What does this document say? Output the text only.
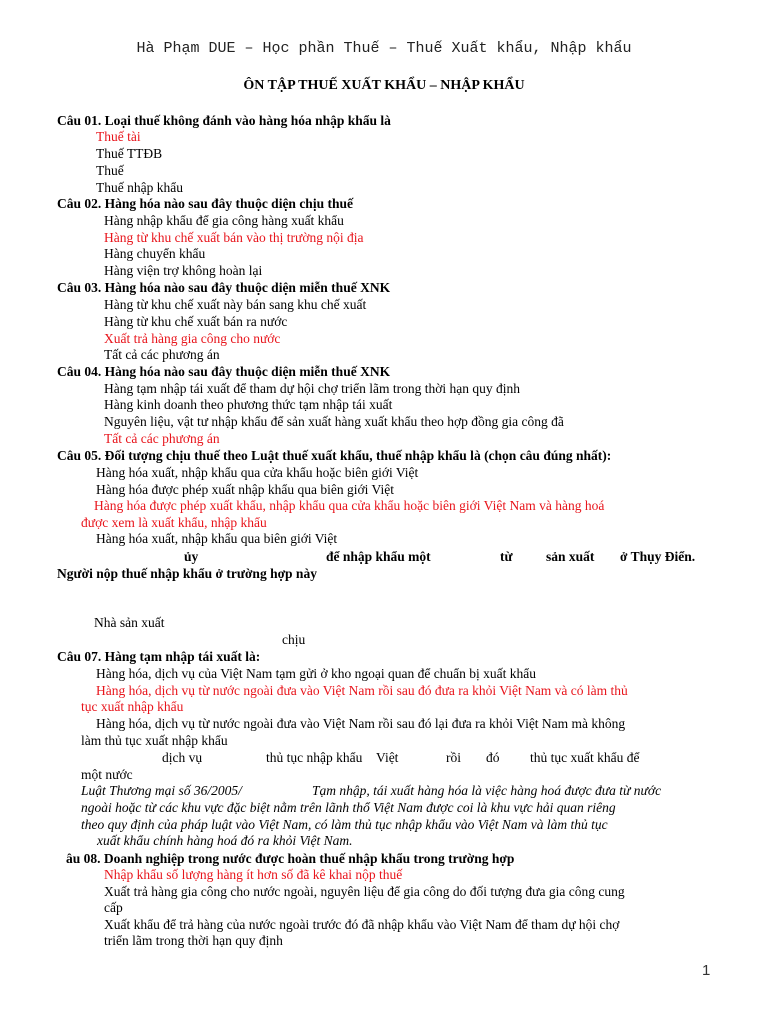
Hà Phạm DUE – Học phần Thuế – Thuế Xuất khẩu, Nhập khẩu
ÔN TẬP THUẾ XUẤT KHẨU – NHẬP KHẨU
Câu 01. Loại thuế không đánh vào hàng hóa nhập khẩu là
Thuế tài
Thuế TTĐB
Thuế
Thuế nhập khẩu
Câu 02. Hàng hóa nào sau đây thuộc diện chịu thuế
Hàng nhập khẩu để gia công hàng xuất khẩu
Hàng từ khu chế xuất bán vào thị trường nội địa
Hàng chuyển khẩu
Hàng viện trợ không hoàn lại
Câu 03. Hàng hóa nào sau đây thuộc diện miễn thuế XNK
Hàng từ khu chế xuất này bán sang khu chế xuất
Hàng từ khu chế xuất bán ra nước
Xuất trả hàng gia công cho nước
Tất cả các phương án
Câu 04. Hàng hóa nào sau đây thuộc diện miễn thuế XNK
Hàng tạm nhập tái xuất để tham dự hội chợ triển lãm trong thời hạn quy định
Hàng kinh doanh theo phương thức tạm nhập tái xuất
Nguyên liệu, vật tư nhập khẩu để sản xuất hàng xuất khẩu theo hợp đồng gia công đã
Tất cả các phương án
Câu 05. Đối tượng chịu thuế theo Luật thuế xuất khẩu, thuế nhập khẩu là (chọn câu đúng nhất):
Hàng hóa xuất, nhập khẩu qua cửa khẩu hoặc biên giới Việt
Hàng hóa được phép xuất nhập khẩu qua biên giới Việt
Hàng hóa được phép xuất khẩu, nhập khẩu qua cửa khẩu hoặc biên giới Việt Nam và hàng hoá
được xem là xuất khẩu, nhập khẩu
Hàng hóa xuất, nhập khẩu qua biên giới Việt
ủy	để nhập khẩu một	từ sản xuất ở Thụy Điển.
Người nộp thuế nhập khẩu ở trường hợp này
Nhà sản xuất
chịu
Câu 07. Hàng tạm nhập tái xuất là:
Hàng hóa, dịch vụ của Việt Nam tạm gửi ở kho ngoại quan để chuẩn bị xuất khẩu
Hàng hóa, dịch vụ từ nước ngoài đưa vào Việt Nam rồi sau đó đưa ra khỏi Việt Nam và có làm thủ
tục xuất nhập khẩu
Hàng hóa, dịch vụ từ nước ngoài đưa vào Việt Nam rồi sau đó lại đưa ra khỏi Việt Nam mà không
làm thủ tục xuất nhập khẩu
dịch vụ	thủ tục nhập khẩu Việt	rồi đó thủ tục xuất khẩu để
một nước
Luật Thương mại số 36/2005/	Tạm nhập, tái xuất hàng hóa là việc hàng hoá được đưa từ nước
ngoài hoặc từ các khu vực đặc biệt nằm trên lãnh thổ Việt Nam được coi là khu vực hải quan riêng
theo quy định của pháp luật vào Việt Nam, có làm thủ tục nhập khẩu vào Việt Nam và làm thủ tục
xuất khẩu chính hàng hoá đó ra khỏi Việt Nam.
âu 08. Doanh nghiệp trong nước được hoàn thuế nhập khẩu trong trường hợp
Nhập khẩu số lượng hàng ít hơn số đã kê khai nộp thuế
Xuất trả hàng gia công cho nước ngoài, nguyên liệu để gia công do đối tượng đưa gia công cung
cấp
Xuất khẩu để trả hàng của nước ngoài trước đó đã nhập khẩu vào Việt Nam để tham dự hội chợ
triển lãm trong thời hạn quy định
1
